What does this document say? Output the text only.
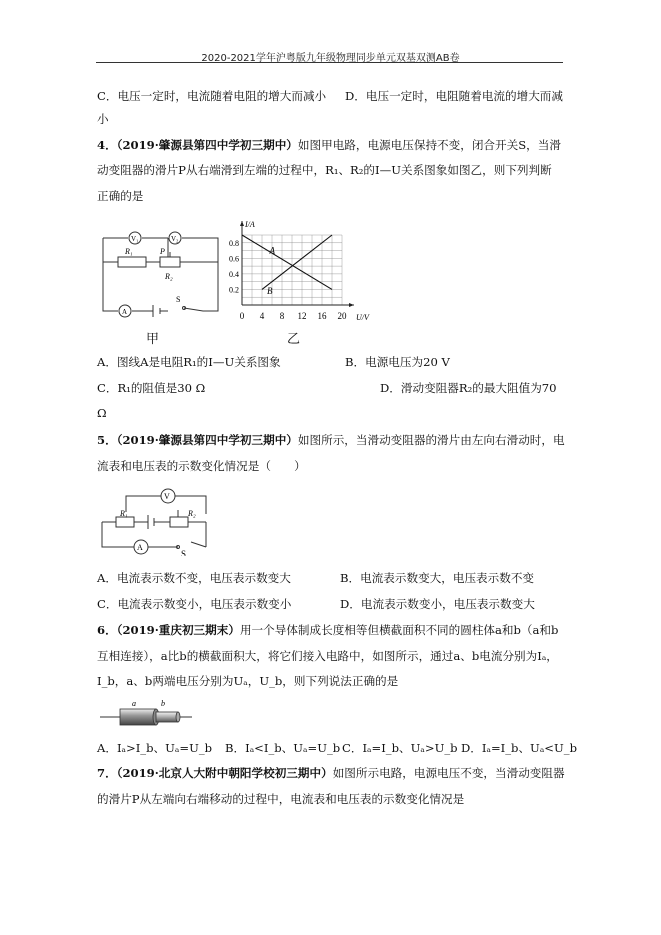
2020-2021学年沪粤版九年级物理同步单元双基双测AB卷
C．电压一定时，电流随着电阻的增大而减小 D．电压一定时，电阻随着电流的增大而减
小
4．（2019·肇源县第四中学初三期中）如图甲电路，电源电压保持不变，闭合开关S，当滑
动变阻器的滑片P从右端滑到左端的过程中，R₁、R₂的I—U关系图象如图乙，则下列判断
正确的是
V₁	V₂
R₁	P
R₂
A
S
甲
0 4 8 12 16 20
0.2
0.4
0.6
0.8
U/V
I/A
A
B
乙
A．图线A是电阻R₁的I—U关系图象	B．电源电压为20 V
C．R₁的阻值是30 Ω	D．滑动变阻器R₂的最大阻值为70
Ω
5．（2019·肇源县第四中学初三期中）如图所示，当滑动变阻器的滑片由左向右滑动时，电
流表和电压表的示数变化情况是（　　）
V
R₁	R₂
A
S
A．电流表示数不变，电压表示数变大	B．电流表示数变大，电压表示数不变
C．电流表示数变小，电压表示数变小	D．电流表示数变小，电压表示数变大
6．（2019·重庆初三期末）用一个导体制成长度相等但横截面积不同的圆柱体a和b（a和b
互相连接），a比b的横截面积大，将它们接入电路中，如图所示，通过a、b电流分别为Iₐ，
I_b，a、b两端电压分别为Uₐ，U_b，则下列说法正确的是
a	b
A．Iₐ>I_b、Uₐ=U_b B．Iₐ<I_b、Uₐ=U_b C．Iₐ=I_b、Uₐ>U_b D．Iₐ=I_b、Uₐ<U_b
7．（2019·北京人大附中朝阳学校初三期中）如图所示电路，电源电压不变，当滑动变阻器
的滑片P从左端向右端移动的过程中，电流表和电压表的示数变化情况是
